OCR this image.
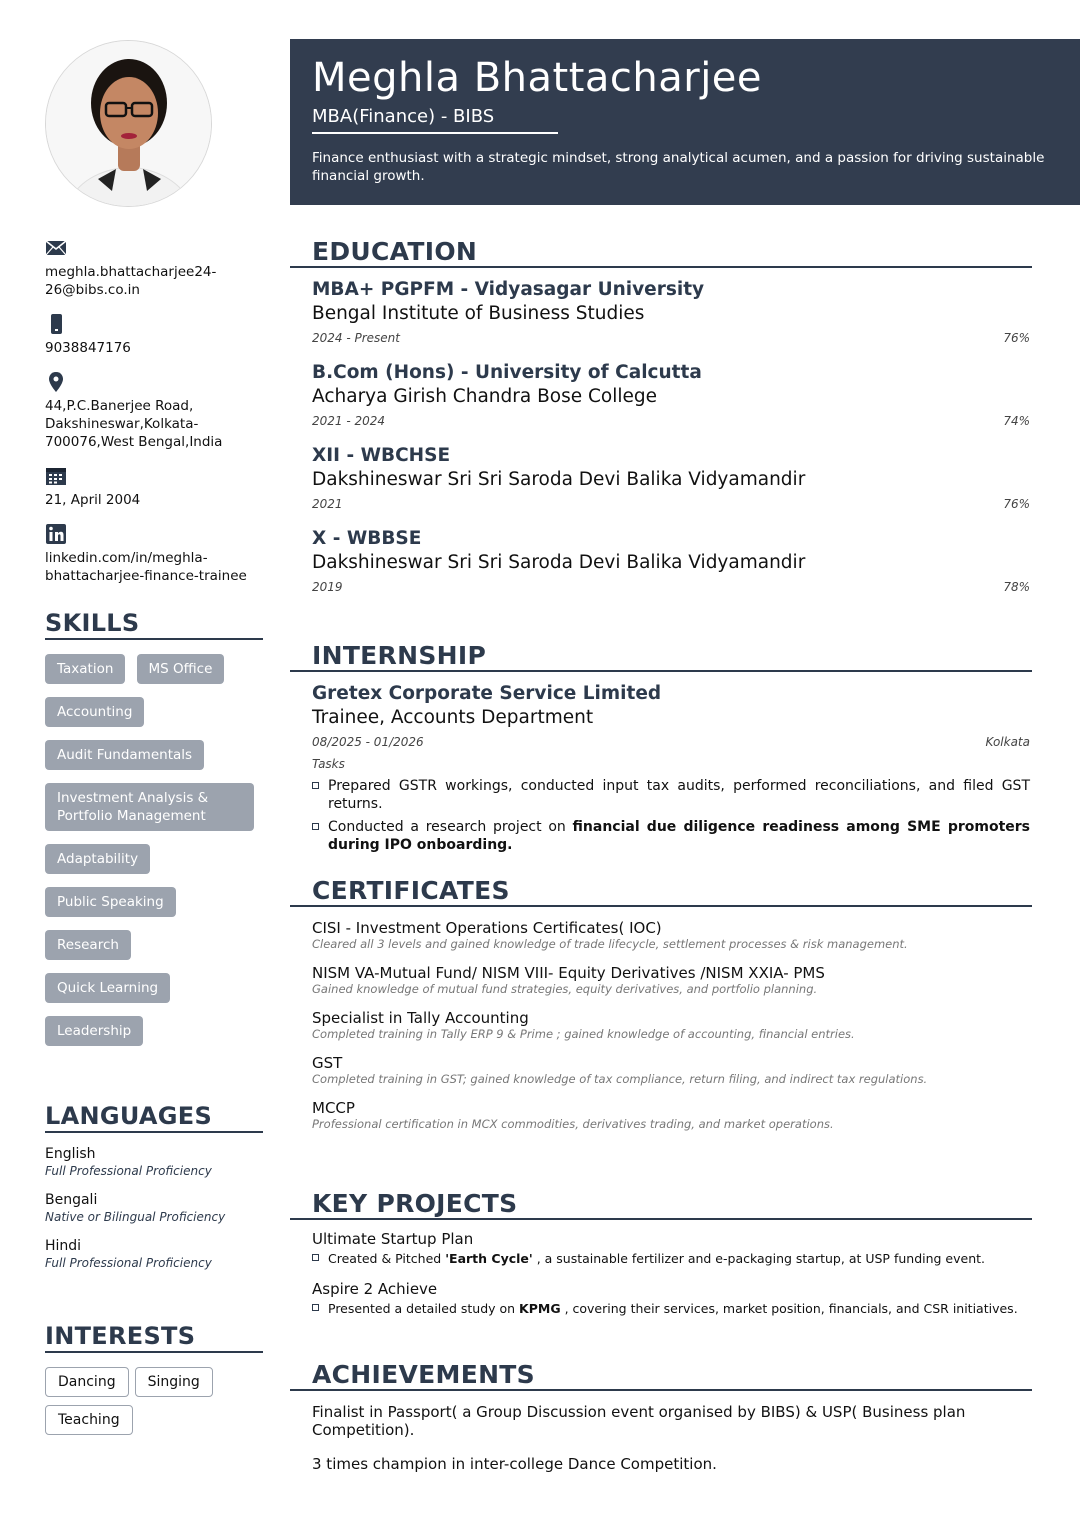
meghla.bhattacharjee24-26@bibs.co.in
9038847176
44,P.C.Banerjee Road, Dakshineswar,Kolkata-700076,West Bengal,India
21, April 2004
linkedin.com/in/meghla-bhattacharjee-finance-trainee
SKILLS
Taxation	MS Office
Accounting
Audit Fundamentals
Investment Analysis & Portfolio Management
Adaptability
Public Speaking
Research
Quick Learning
Leadership
LANGUAGES
English
Full Professional Proficiency
Bengali
Native or Bilingual Proficiency
Hindi
Full Professional Proficiency
INTERESTS
Dancing Singing
Teaching
Meghla Bhattacharjee
MBA(Finance) - BIBS
Finance enthusiast with a strategic mindset, strong analytical acumen, and a passion for driving sustainable financial growth.
EDUCATION
MBA+ PGPFM - Vidyasagar University
Bengal Institute of Business Studies
2024 - Present	76%
B.Com (Hons) - University of Calcutta
Acharya Girish Chandra Bose College
2021 - 2024	74%
XII - WBCHSE
Dakshineswar Sri Sri Saroda Devi Balika Vidyamandir
2021	76%
X - WBBSE
Dakshineswar Sri Sri Saroda Devi Balika Vidyamandir
2019	78%
INTERNSHIP
Gretex Corporate Service Limited
Trainee, Accounts Department
08/2025 - 01/2026	Kolkata
Tasks
Prepared GSTR workings, conducted input tax audits, performed reconciliations, and filed GST returns.
Conducted a research project on financial due diligence readiness among SME promoters during IPO onboarding.
CERTIFICATES
CISI - Investment Operations Certificates( IOC)
Cleared all 3 levels and gained knowledge of trade lifecycle, settlement processes & risk management.
NISM VA-Mutual Fund/ NISM VIII- Equity Derivatives /NISM XXIA- PMS
Gained knowledge of mutual fund strategies, equity derivatives, and portfolio planning.
Specialist in Tally Accounting
Completed training in Tally ERP 9 & Prime ; gained knowledge of accounting, financial entries.
GST
Completed training in GST; gained knowledge of tax compliance, return filing, and indirect tax regulations.
MCCP
Professional certification in MCX commodities, derivatives trading, and market operations.
KEY PROJECTS
Ultimate Startup Plan
Created & Pitched 'Earth Cycle' , a sustainable fertilizer and e-packaging startup, at USP funding event.
Aspire 2 Achieve
Presented a detailed study on KPMG , covering their services, market position, financials, and CSR initiatives.
ACHIEVEMENTS

Finalist in Passport( a Group Discussion event organised by BIBS) & USP( Business plan Competition).

3 times champion in inter-college Dance Competition.
